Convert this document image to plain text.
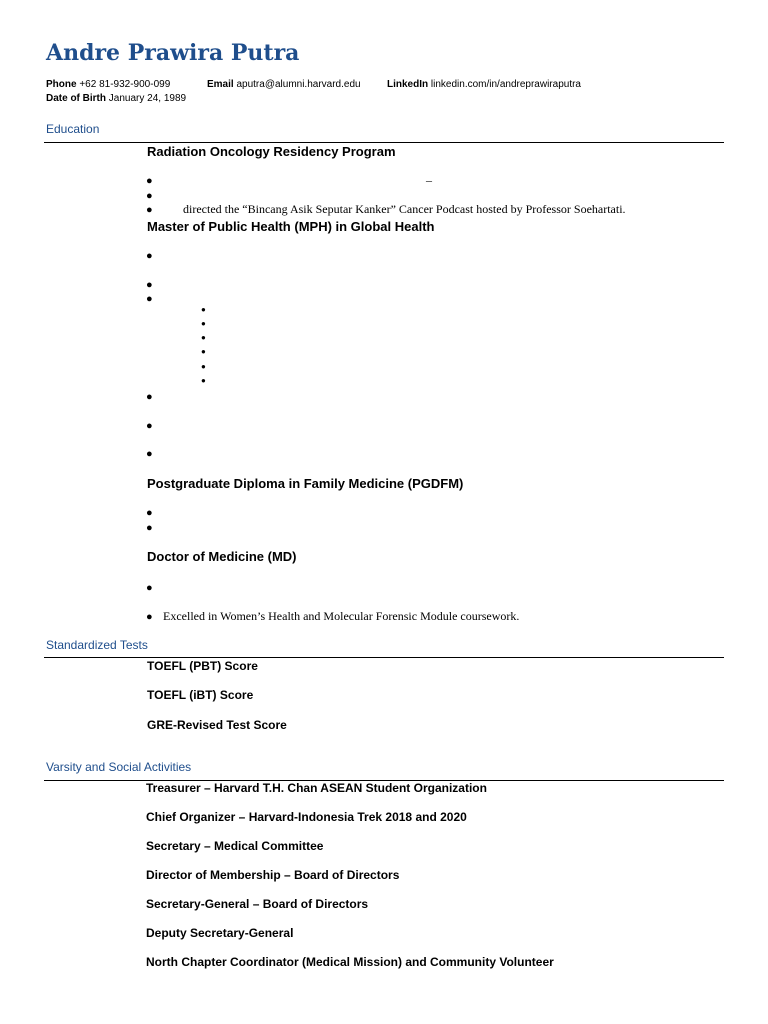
Andre Prawira Putra
Phone +62 81-932-900-099	Email aputra@alumni.harvard.edu	LinkedIn linkedin.com/in/andreprawiraputra
Date of Birth January 24, 1989
Education
Radiation Oncology Residency Program
●	–
●
●	directed the “Bincang Asik Seputar Kanker” Cancer Podcast hosted by Professor Soehartati.
Master of Public Health (MPH) in Global Health
●
●
●
●
●
●
●
●
●
●
●
●
Postgraduate Diploma in Family Medicine (PGDFM)
●
●
Doctor of Medicine (MD)
●
● Excelled in Women’s Health and Molecular Forensic Module coursework.
Standardized Tests
TOEFL (PBT) Score
TOEFL (iBT) Score
GRE-Revised Test Score
Varsity and Social Activities
Treasurer – Harvard T.H. Chan ASEAN Student Organization
Chief Organizer – Harvard-Indonesia Trek 2018 and 2020
Secretary – Medical Committee
Director of Membership – Board of Directors
Secretary-General – Board of Directors
Deputy Secretary-General
North Chapter Coordinator (Medical Mission) and Community Volunteer
